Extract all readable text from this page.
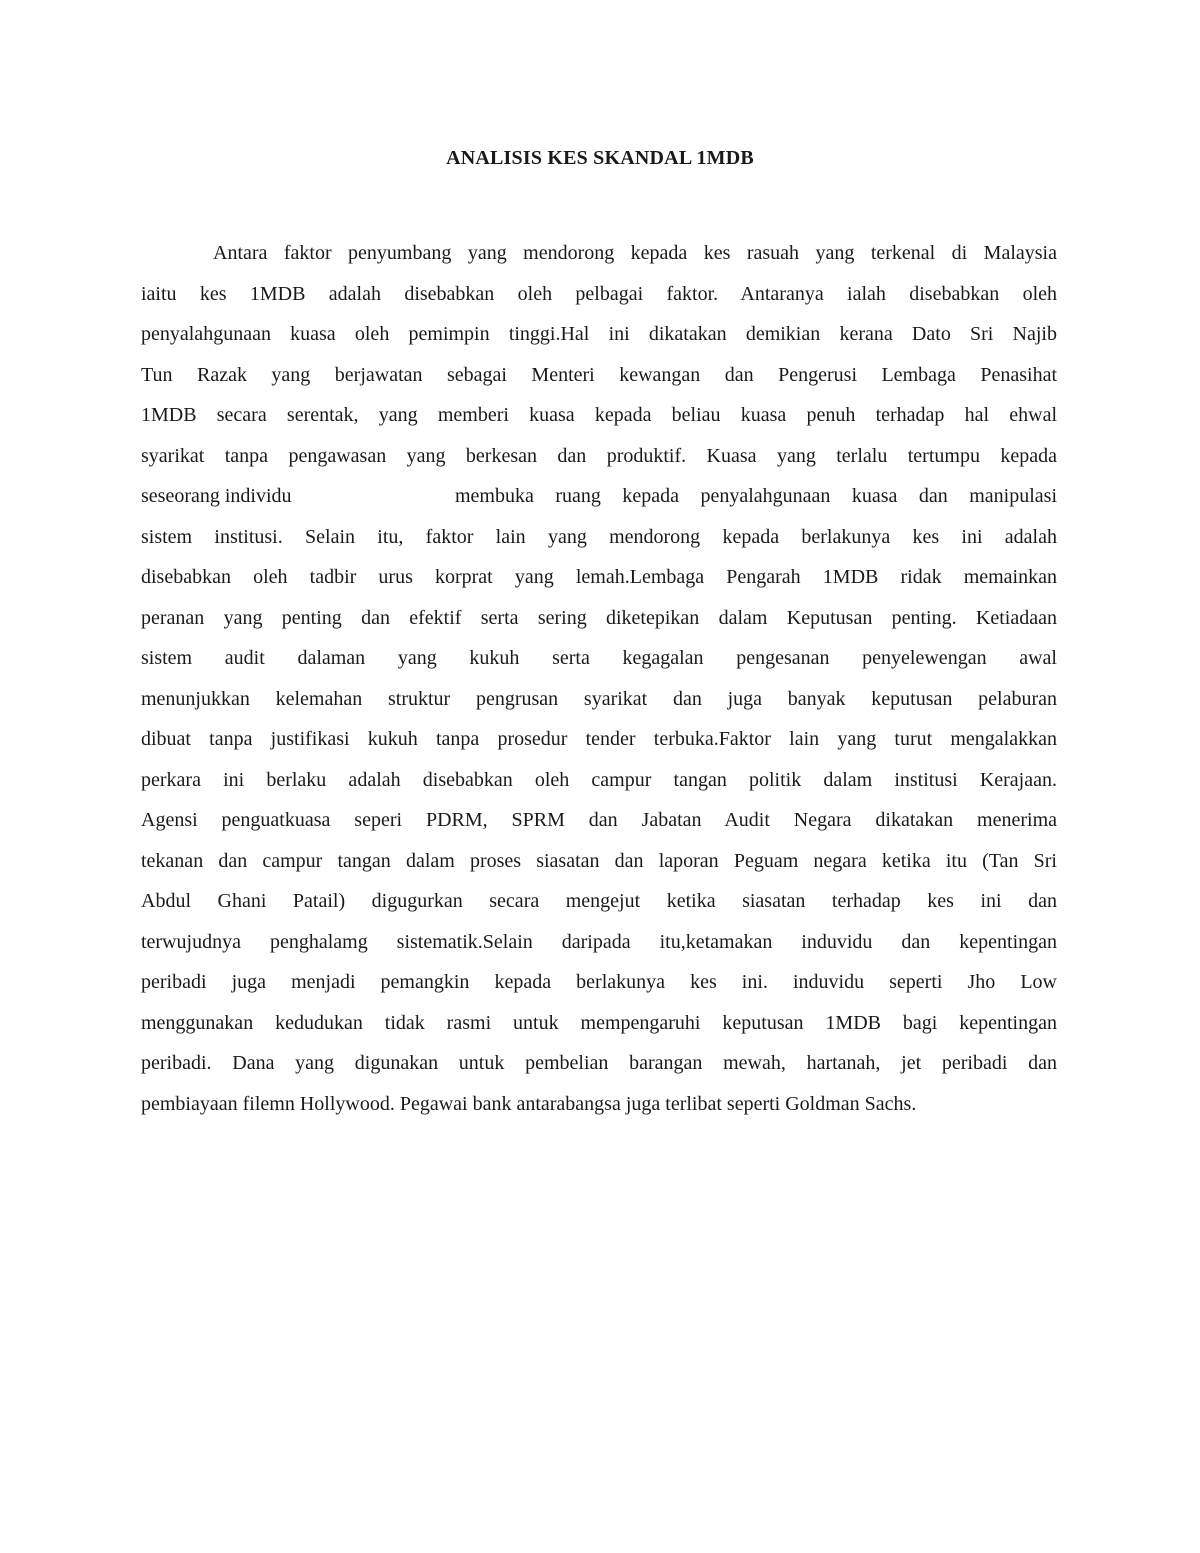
ANALISIS KES SKANDAL 1MDB
Antara faktor penyumbang yang mendorong kepada kes rasuah yang terkenal di Malaysia
iaitu kes 1MDB adalah disebabkan oleh pelbagai faktor. Antaranya ialah disebabkan oleh
penyalahgunaan kuasa oleh pemimpin tinggi.Hal ini dikatakan demikian kerana Dato Sri Najib
Tun Razak yang berjawatan sebagai Menteri kewangan dan Pengerusi Lembaga Penasihat
1MDB secara serentak, yang memberi kuasa kepada beliau kuasa penuh terhadap hal ehwal
syarikat tanpa pengawasan yang berkesan dan produktif. Kuasa yang terlalu tertumpu kepada
seseorang individu	membuka ruang kepada penyalahgunaan kuasa dan manipulasi
sistem institusi. Selain itu, faktor lain yang mendorong kepada berlakunya kes ini adalah
disebabkan oleh tadbir urus korprat yang lemah.Lembaga Pengarah 1MDB ridak memainkan
peranan yang penting dan efektif serta sering diketepikan dalam Keputusan penting. Ketiadaan
sistem audit dalaman yang kukuh serta kegagalan pengesanan penyelewengan awal
menunjukkan kelemahan struktur pengrusan syarikat dan juga banyak keputusan pelaburan
dibuat tanpa justifikasi kukuh tanpa prosedur tender terbuka.Faktor lain yang turut mengalakkan
perkara ini berlaku adalah disebabkan oleh campur tangan politik dalam institusi Kerajaan.
Agensi penguatkuasa seperi PDRM, SPRM dan Jabatan Audit Negara dikatakan menerima
tekanan dan campur tangan dalam proses siasatan dan laporan Peguam negara ketika itu (Tan Sri
Abdul Ghani Patail) digugurkan secara mengejut ketika siasatan terhadap kes ini dan
terwujudnya penghalamg sistematik.Selain daripada itu,ketamakan induvidu dan kepentingan
peribadi juga menjadi pemangkin kepada berlakunya kes ini. induvidu seperti Jho Low
menggunakan kedudukan tidak rasmi untuk mempengaruhi keputusan 1MDB bagi kepentingan
peribadi. Dana yang digunakan untuk pembelian barangan mewah, hartanah, jet peribadi dan
pembiayaan filemn Hollywood. Pegawai bank antarabangsa juga terlibat seperti Goldman Sachs.
